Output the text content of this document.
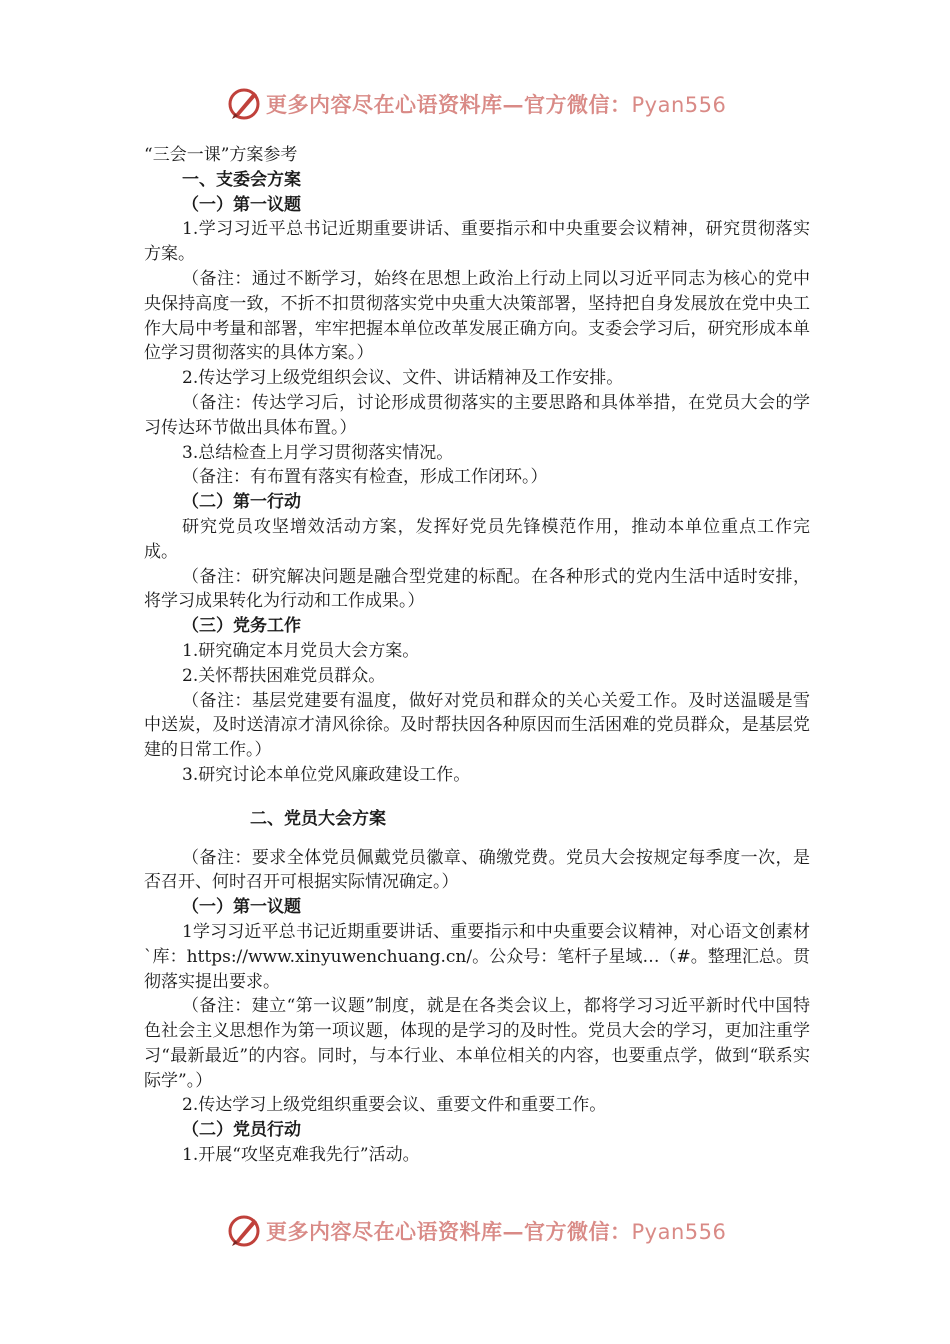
更多内容尽在心语资料库—官方微信：Pyan556

“三会一课”方案参考

一、支委会方案

（一）第一议题

1.学习习近平总书记近期重要讲话、重要指示和中央重要会议精神，研究贯彻落实方案。

（备注：通过不断学习，始终在思想上政治上行动上同以习近平同志为核心的党中央保持高度一致，不折不扣贯彻落实党中央重大决策部署，坚持把自身发展放在党中央工作大局中考量和部署，牢牢把握本单位改革发展正确方向。支委会学习后，研究形成本单位学习贯彻落实的具体方案。）

2.传达学习上级党组织会议、文件、讲话精神及工作安排。

（备注：传达学习后，讨论形成贯彻落实的主要思路和具体举措，在党员大会的学习传达环节做出具体布置。）

3.总结检查上月学习贯彻落实情况。

（备注：有布置有落实有检查，形成工作闭环。）

（二）第一行动

研究党员攻坚增效活动方案，发挥好党员先锋模范作用，推动本单位重点工作完成。

（备注：研究解决问题是融合型党建的标配。在各种形式的党内生活中适时安排，将学习成果转化为行动和工作成果。）

（三）党务工作

1.研究确定本月党员大会方案。

2.关怀帮扶困难党员群众。

（备注：基层党建要有温度，做好对党员和群众的关心关爱工作。及时送温暖是雪中送炭，及时送清凉才清风徐徐。及时帮扶因各种原因而生活困难的党员群众，是基层党建的日常工作。）

3.研究讨论本单位党风廉政建设工作。

二、党员大会方案

（备注：要求全体党员佩戴党员徽章、确缴党费。党员大会按规定每季度一次，是否召开、何时召开可根据实际情况确定。）

（一）第一议题

1学习习近平总书记近期重要讲话、重要指示和中央重要会议精神，对心语文创素材`库：https://www.xinyuwenchuang.cn/。公众号：笔杆子星域…（#。整理汇总。贯彻落实提出要求。

（备注：建立“第一议题”制度，就是在各类会议上，都将学习习近平新时代中国特色社会主义思想作为第一项议题，体现的是学习的及时性。党员大会的学习，更加注重学习“最新最近”的内容。同时，与本行业、本单位相关的内容，也要重点学，做到“联系实际学”。）

2.传达学习上级党组织重要会议、重要文件和重要工作。

（二）党员行动

1.开展“攻坚克难我先行”活动。

更多内容尽在心语资料库—官方微信：Pyan556
